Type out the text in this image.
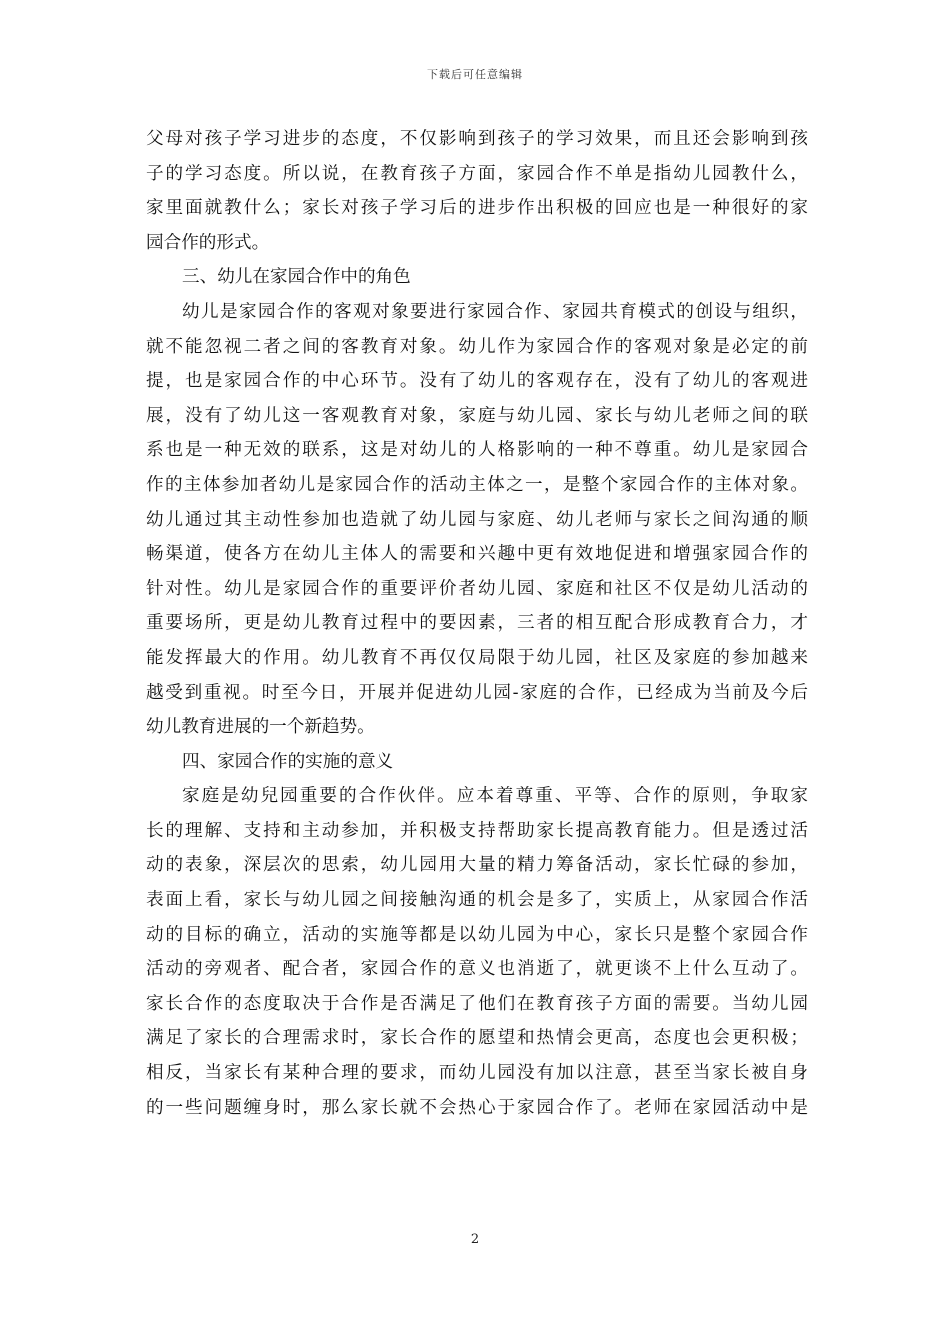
下载后可任意编辑
父母对孩子学习进步的态度，不仅影响到孩子的学习效果，而且还会影响到孩
子的学习态度。所以说，在教育孩子方面，家园合作不单是指幼儿园教什么，
家里面就教什么；家长对孩子学习后的进步作出积极的回应也是一种很好的家
园合作的形式。
三、幼儿在家园合作中的角色
幼儿是家园合作的客观对象要进行家园合作、家园共育模式的创设与组织，
就不能忽视二者之间的客教育对象。幼儿作为家园合作的客观对象是必定的前
提，也是家园合作的中心环节。没有了幼儿的客观存在，没有了幼儿的客观进
展，没有了幼儿这一客观教育对象，家庭与幼儿园、家长与幼儿老师之间的联
系也是一种无效的联系，这是对幼儿的人格影响的一种不尊重。幼儿是家园合
作的主体参加者幼儿是家园合作的活动主体之一，是整个家园合作的主体对象。
幼儿通过其主动性参加也造就了幼儿园与家庭、幼儿老师与家长之间沟通的顺
畅渠道，使各方在幼儿主体人的需要和兴趣中更有效地促进和增强家园合作的
针对性。幼儿是家园合作的重要评价者幼儿园、家庭和社区不仅是幼儿活动的
重要场所，更是幼儿教育过程中的要因素，三者的相互配合形成教育合力，才
能发挥最大的作用。幼儿教育不再仅仅局限于幼儿园，社区及家庭的参加越来
越受到重视。时至今日，开展并促进幼儿园-家庭的合作，已经成为当前及今后
幼儿教育进展的一个新趋势。
四、家园合作的实施的意义
家庭是幼兒园重要的合作伙伴。应本着尊重、平等、合作的原则，争取家
长的理解、支持和主动参加，并积极支持帮助家长提高教育能力。但是透过活
动的表象，深层次的思索，幼儿园用大量的精力筹备活动，家长忙碌的参加，
表面上看，家长与幼儿园之间接触沟通的机会是多了，实质上，从家园合作活
动的目标的确立，活动的实施等都是以幼儿园为中心，家长只是整个家园合作
活动的旁观者、配合者，家园合作的意义也消逝了，就更谈不上什么互动了。
家长合作的态度取决于合作是否满足了他们在教育孩子方面的需要。当幼儿园
满足了家长的合理需求时，家长合作的愿望和热情会更高，态度也会更积极；
相反，当家长有某种合理的要求，而幼儿园没有加以注意，甚至当家长被自身
的一些问题缠身时，那么家长就不会热心于家园合作了。老师在家园活动中是
2
